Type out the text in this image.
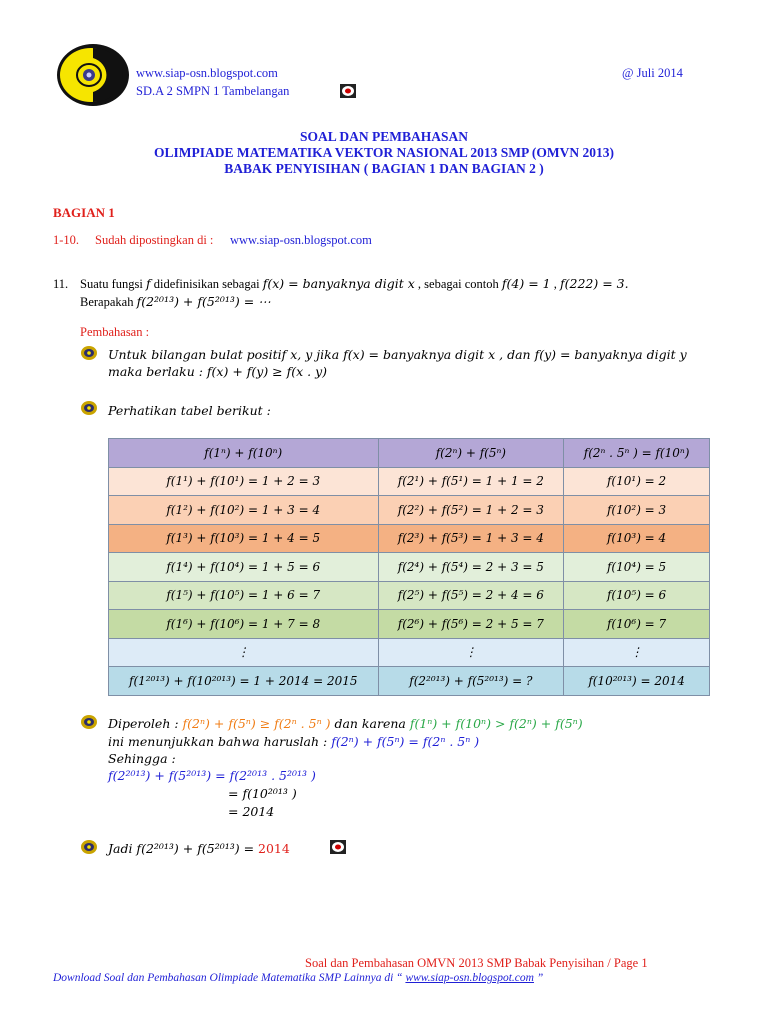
www.siap-osn.blogspot.com	@ Juli 2014
SD.A 2 SMPN 1 Tambelangan
SOAL DAN PEMBAHASAN
OLIMPIADE MATEMATIKA VEKTOR NASIONAL 2013 SMP (OMVN 2013)
BABAK PENYISIHAN ( BAGIAN 1 DAN BAGIAN 2 )
BAGIAN 1
1-10. Sudah dipostingkan di : www.siap-osn.blogspot.com
11. Suatu fungsi f didefinisikan sebagai f(x) = banyaknya digit x , sebagai contoh f(4) = 1 , f(222) = 3.
Berapakah f(2²⁰¹³) + f(5²⁰¹³) = ⋯
Pembahasan :
Untuk bilangan bulat positif x, y jika f(x) = banyaknya digit x , dan f(y) = banyaknya digit y
maka berlaku : f(x) + f(y) ≥ f(x . y)
Perhatikan tabel berikut :
f(1ⁿ) + f(10ⁿ)	f(2ⁿ) + f(5ⁿ)	f(2ⁿ . 5ⁿ ) = f(10ⁿ)
f(1¹) + f(10¹) = 1 + 2 = 3	f(2¹) + f(5¹) = 1 + 1 = 2	f(10¹) = 2
f(1²) + f(10²) = 1 + 3 = 4	f(2²) + f(5²) = 1 + 2 = 3	f(10²) = 3
f(1³) + f(10³) = 1 + 4 = 5	f(2³) + f(5³) = 1 + 3 = 4	f(10³) = 4
f(1⁴) + f(10⁴) = 1 + 5 = 6	f(2⁴) + f(5⁴) = 2 + 3 = 5	f(10⁴) = 5
f(1⁵) + f(10⁵) = 1 + 6 = 7	f(2⁵) + f(5⁵) = 2 + 4 = 6	f(10⁵) = 6
f(1⁶) + f(10⁶) = 1 + 7 = 8	f(2⁶) + f(5⁶) = 2 + 5 = 7	f(10⁶) = 7
⋮	⋮	⋮
f(1²⁰¹³) + f(10²⁰¹³) = 1 + 2014 = 2015	f(2²⁰¹³) + f(5²⁰¹³) = ?	f(10²⁰¹³) = 2014
Diperoleh : f(2ⁿ) + f(5ⁿ) ≥ f(2ⁿ . 5ⁿ ) dan karena f(1ⁿ) + f(10ⁿ) > f(2ⁿ) + f(5ⁿ)
ini menunjukkan bahwa haruslah : f(2ⁿ) + f(5ⁿ) = f(2ⁿ . 5ⁿ )
Sehingga :
f(2²⁰¹³) + f(5²⁰¹³) = f(2²⁰¹³ . 5²⁰¹³ )
= f(10²⁰¹³ )
= 2014
Jadi f(2²⁰¹³) + f(5²⁰¹³) = 2014
Soal dan Pembahasan OMVN 2013 SMP Babak Penyisihan / Page 1
Download Soal dan Pembahasan Olimpiade Matematika SMP Lainnya di “ www.siap-osn.blogspot.com ”
